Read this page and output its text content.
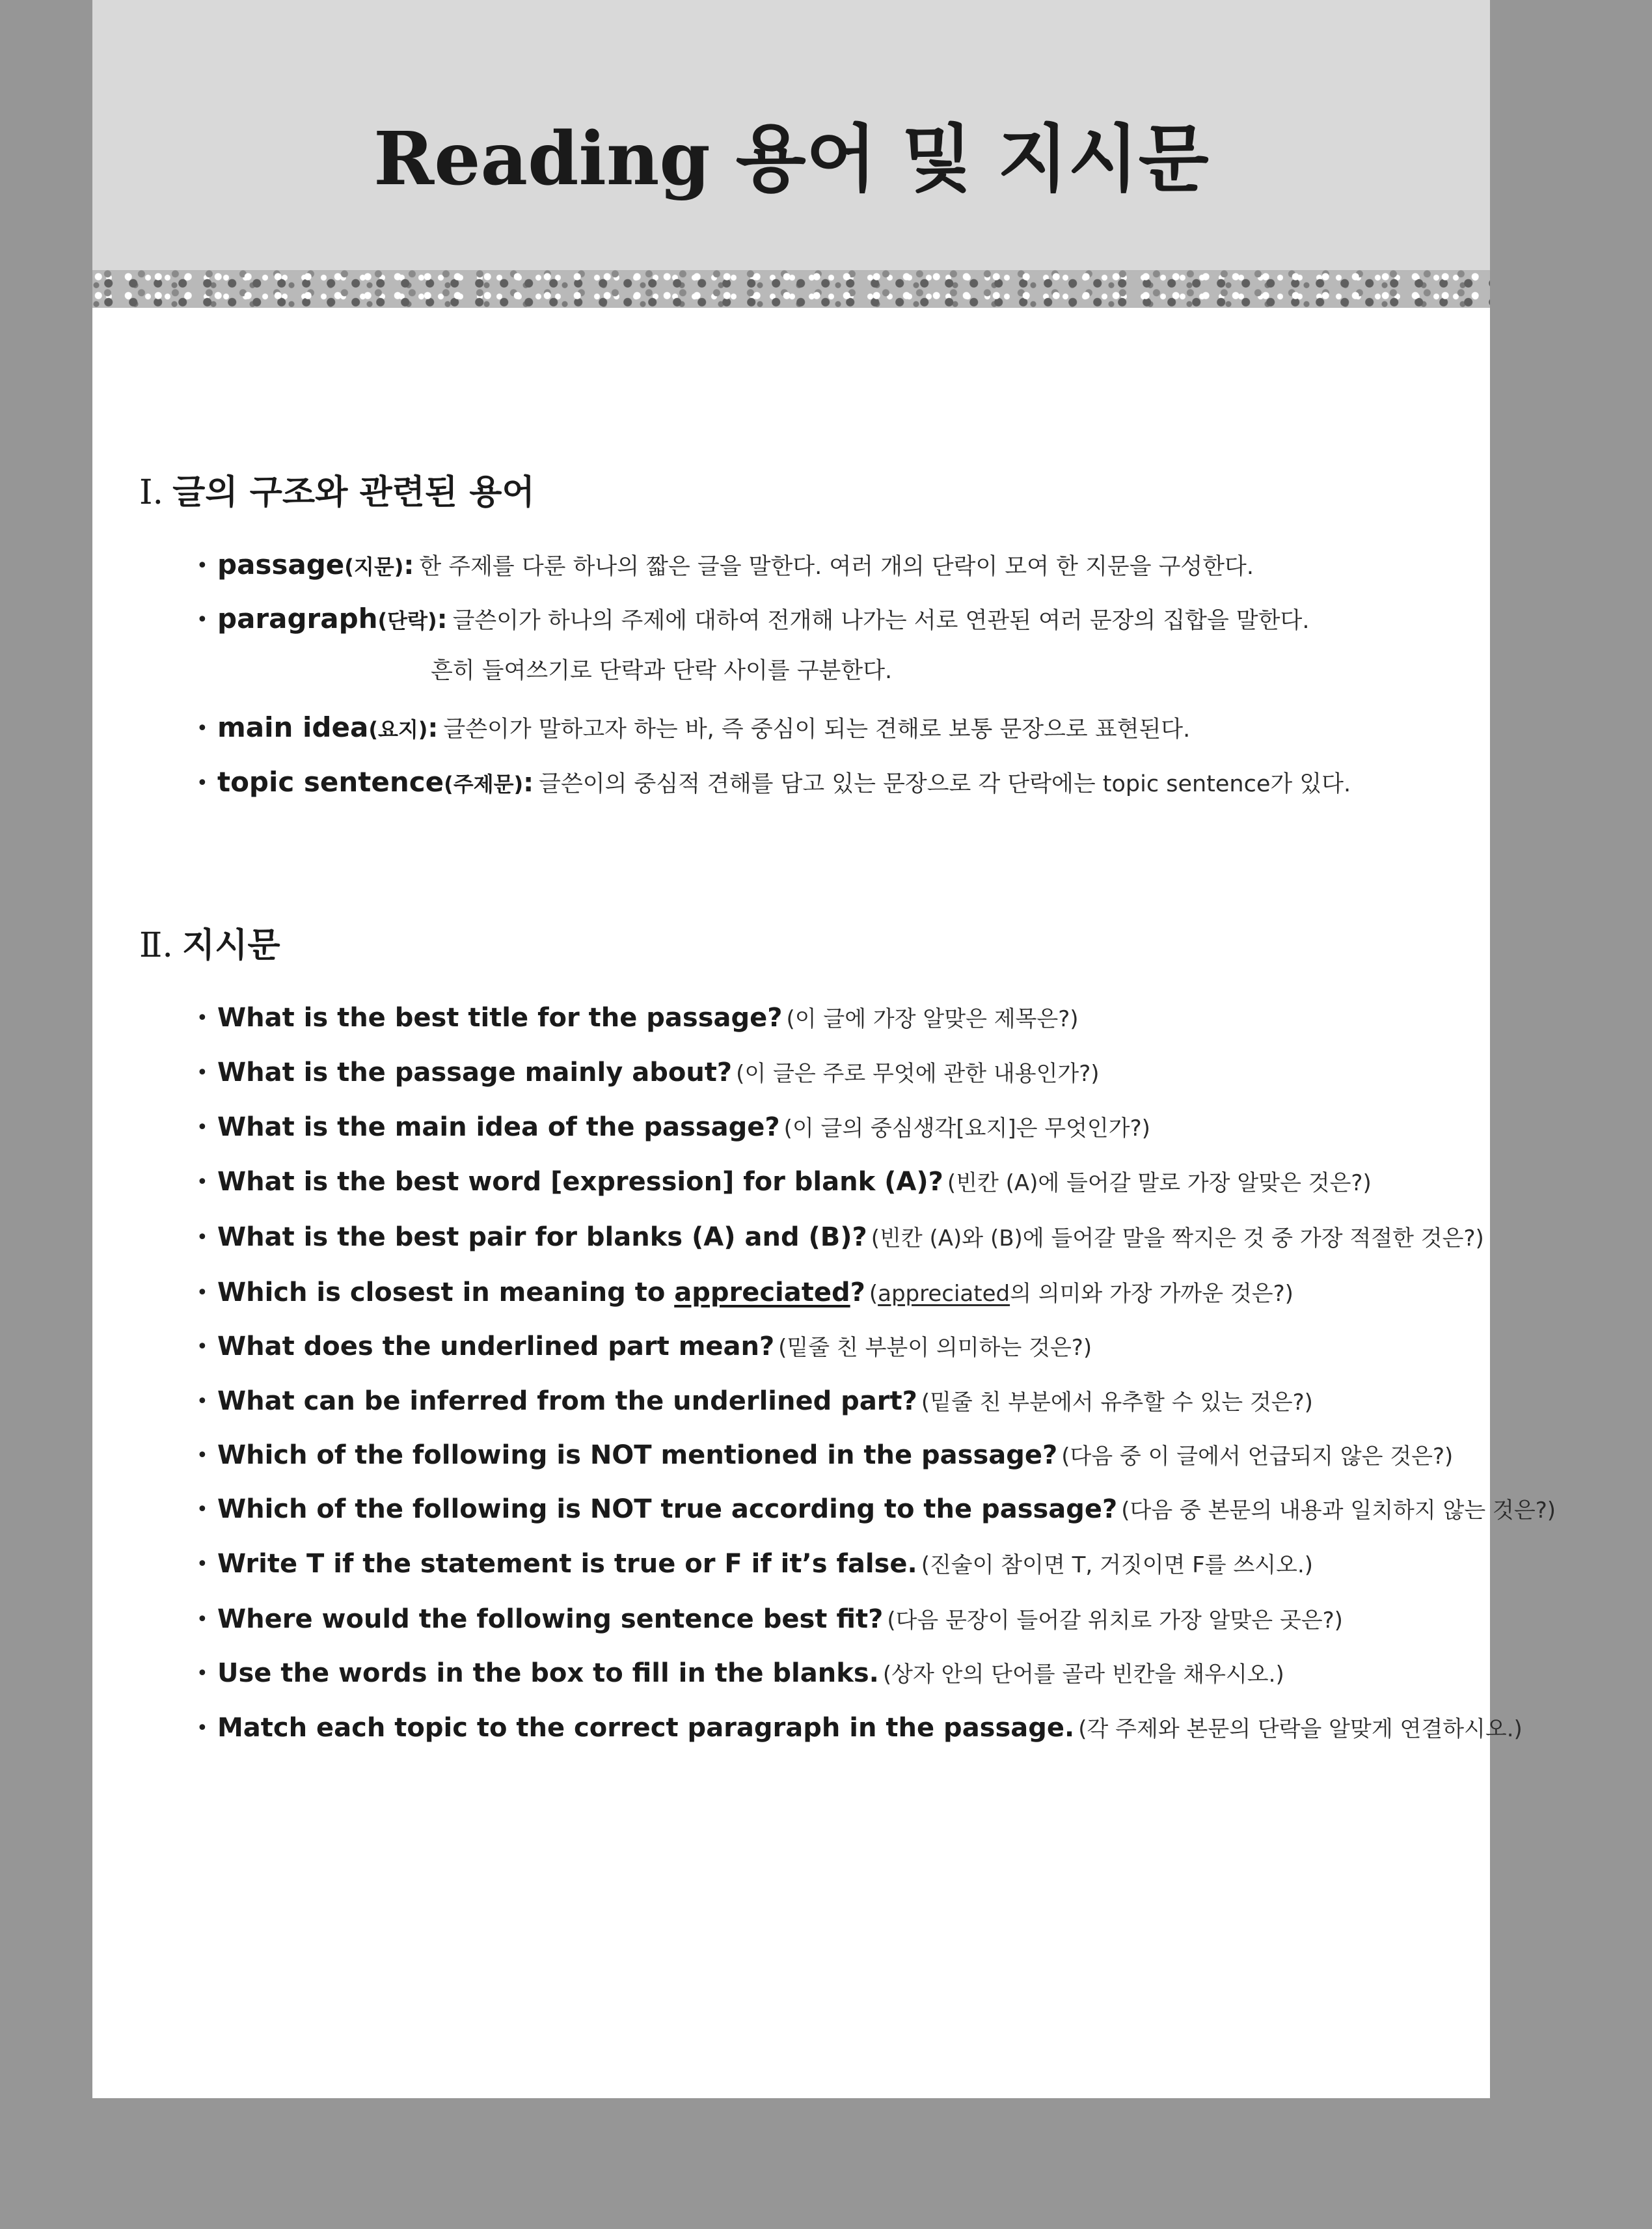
Reading 용어 및 지시문
Ⅰ. 글의 구조와 관련된 용어
• passage(지문): 한 주제를 다룬 하나의 짧은 글을 말한다. 여러 개의 단락이 모여 한 지문을 구성한다.
• paragraph(단락): 글쓴이가 하나의 주제에 대하여 전개해 나가는 서로 연관된 여러 문장의 집합을 말한다.
흔히 들여쓰기로 단락과 단락 사이를 구분한다.
• main idea(요지): 글쓴이가 말하고자 하는 바, 즉 중심이 되는 견해로 보통 문장으로 표현된다.
• topic sentence(주제문): 글쓴이의 중심적 견해를 담고 있는 문장으로 각 단락에는 topic sentence가 있다.
Ⅱ. 지시문
• What is the best title for the passage? (이 글에 가장 알맞은 제목은?)
• What is the passage mainly about? (이 글은 주로 무엇에 관한 내용인가?)
• What is the main idea of the passage? (이 글의 중심생각[요지]은 무엇인가?)
• What is the best word [expression] for blank (A)? (빈칸 (A)에 들어갈 말로 가장 알맞은 것은?)
• What is the best pair for blanks (A) and (B)? (빈칸 (A)와 (B)에 들어갈 말을 짝지은 것 중 가장 적절한 것은?)
• Which is closest in meaning to appreciated? (appreciated의 의미와 가장 가까운 것은?)
• What does the underlined part mean? (밑줄 친 부분이 의미하는 것은?)
• What can be inferred from the underlined part? (밑줄 친 부분에서 유추할 수 있는 것은?)
• Which of the following is NOT mentioned in the passage? (다음 중 이 글에서 언급되지 않은 것은?)
• Which of the following is NOT true according to the passage? (다음 중 본문의 내용과 일치하지 않는 것은?)
• Write T if the statement is true or F if it’s false. (진술이 참이면 T, 거짓이면 F를 쓰시오.)
• Where would the following sentence best fit? (다음 문장이 들어갈 위치로 가장 알맞은 곳은?)
• Use the words in the box to fill in the blanks. (상자 안의 단어를 골라 빈칸을 채우시오.)
• Match each topic to the correct paragraph in the passage. (각 주제와 본문의 단락을 알맞게 연결하시오.)
